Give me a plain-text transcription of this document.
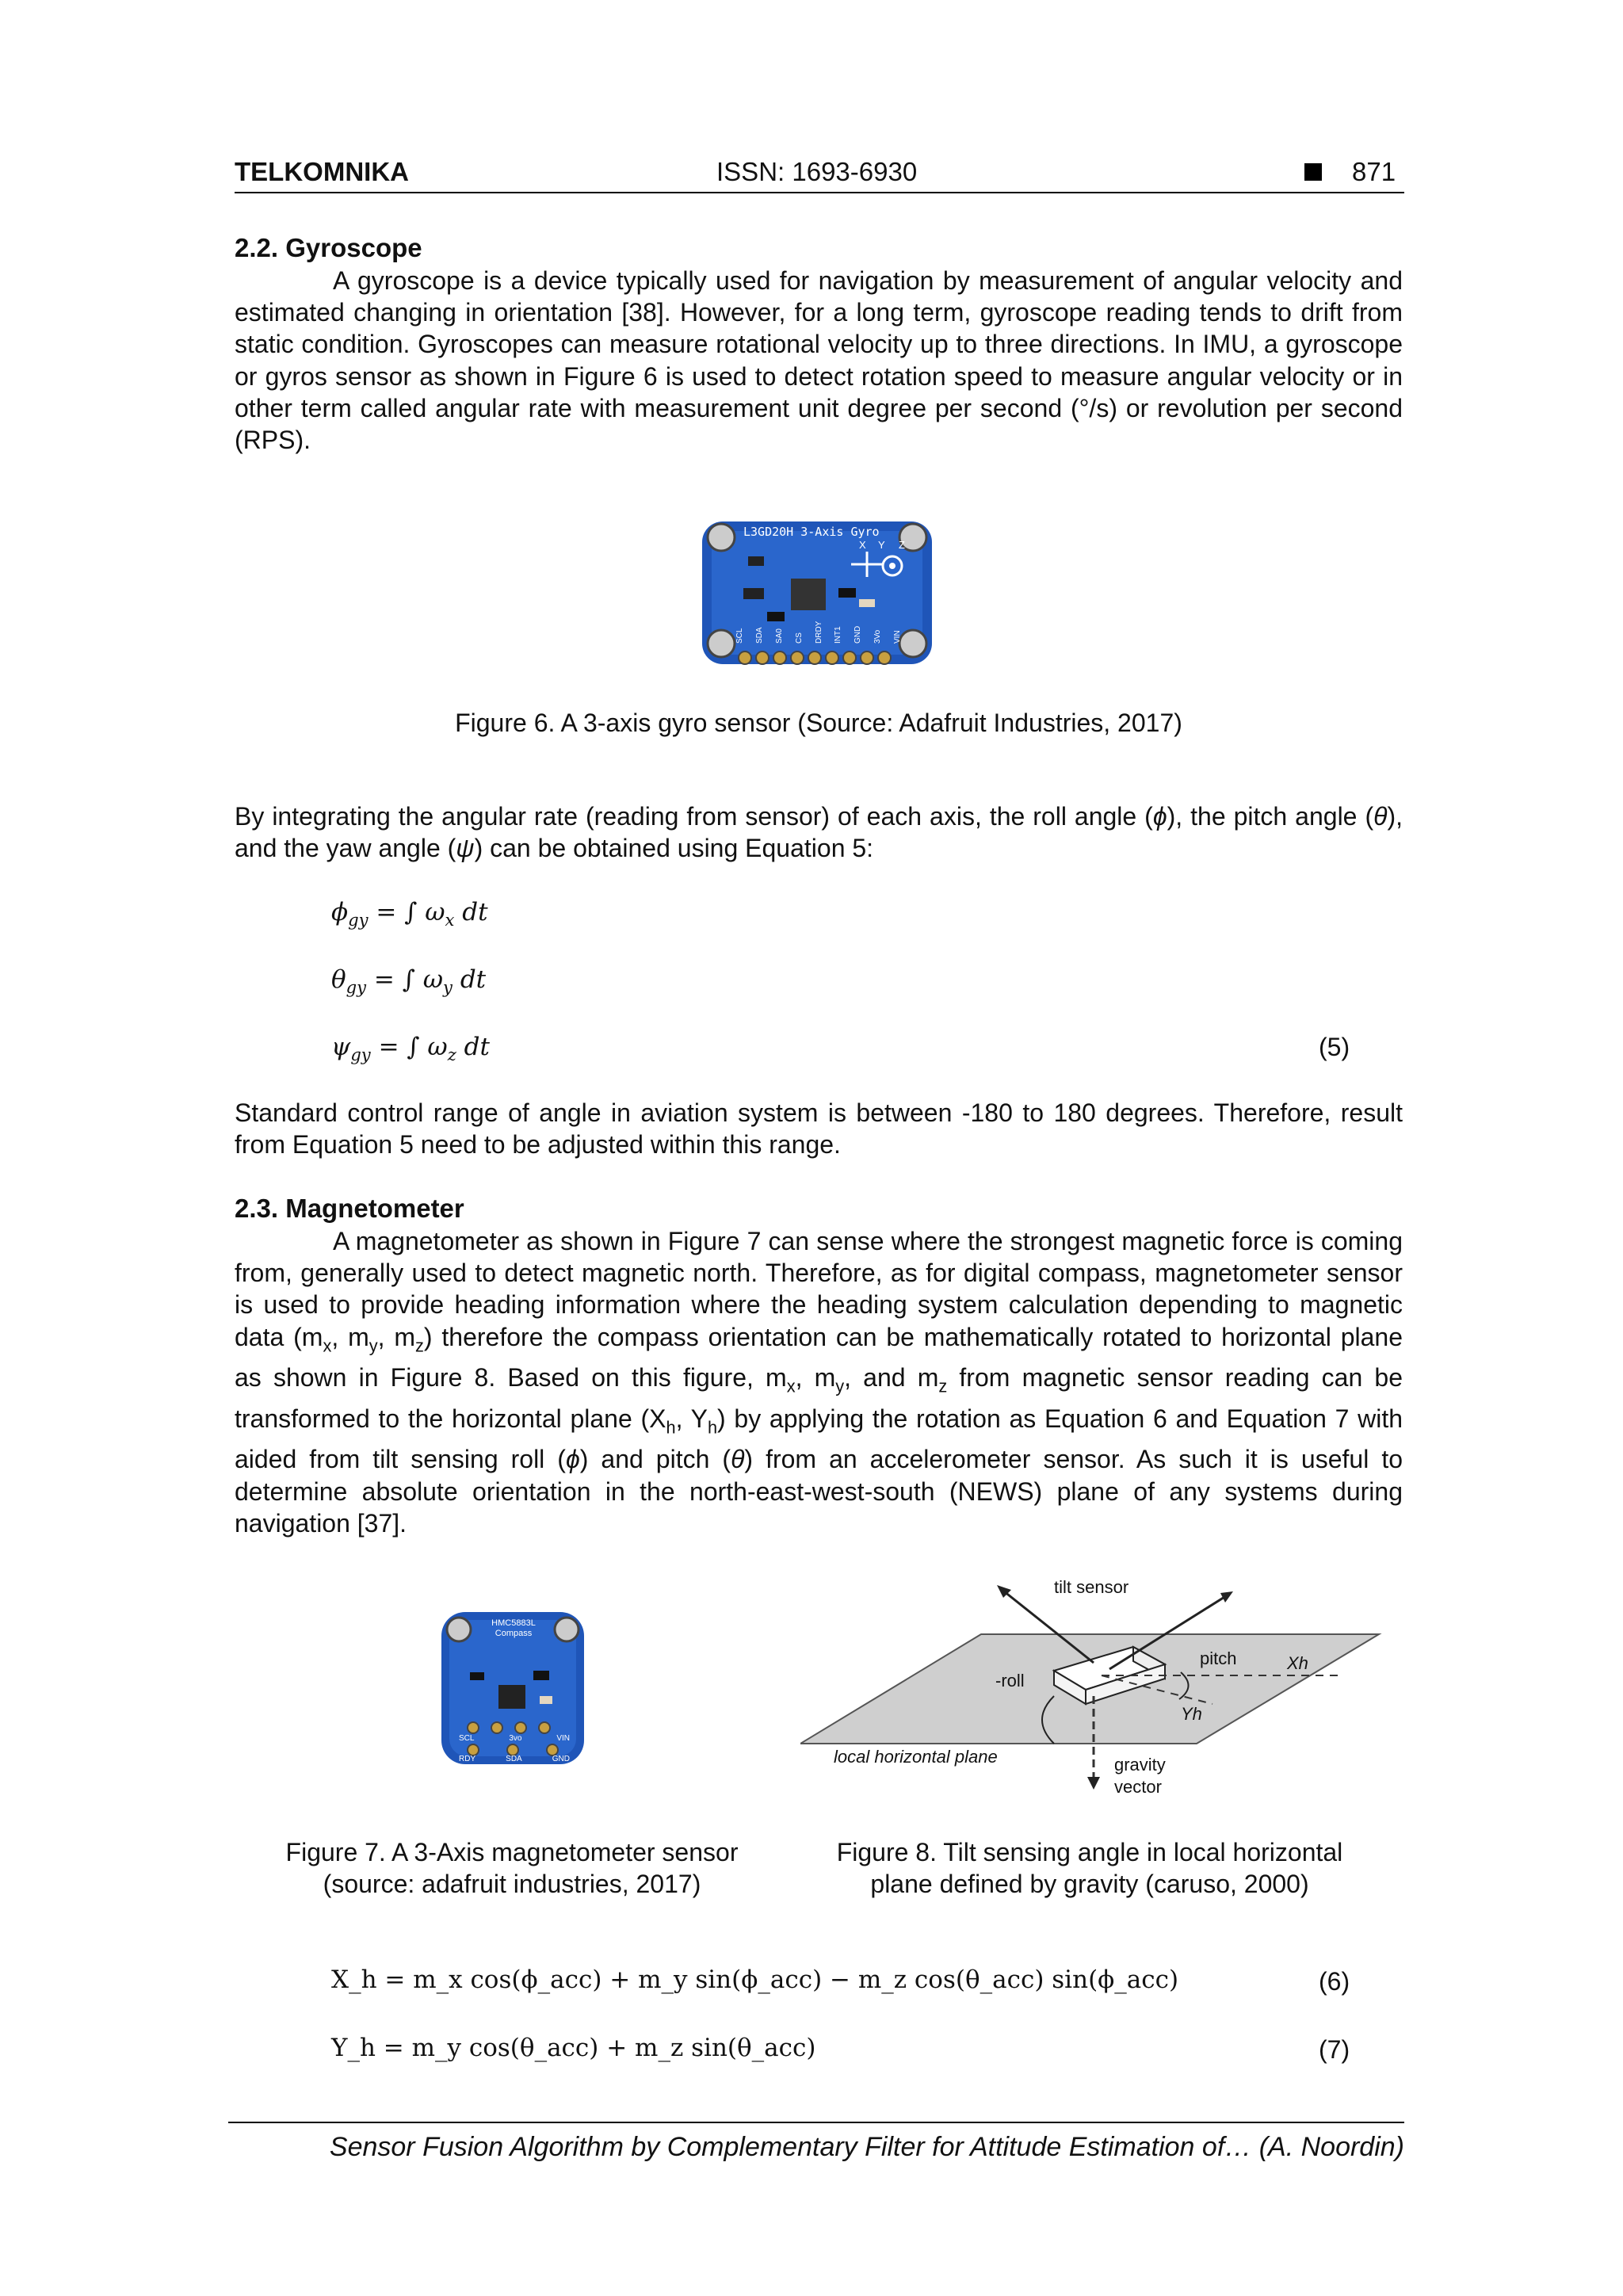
TELKOMNIKA	ISSN: 1693-6930	871
2.2. Gyroscope
A gyroscope is a device typically used for navigation by measurement of angular velocity and estimated changing in orientation [38]. However, for a long term, gyroscope reading tends to drift from static condition. Gyroscopes can measure rotational velocity up to three directions. In IMU, a gyroscope or gyros sensor as shown in Figure 6 is used to detect rotation speed to measure angular velocity or in other term called angular rate with measurement unit degree per second (°/s) or revolution per second (RPS).
L3GD20H 3-Axis Gyro
X Y Z
SCL SDA SA0 CS DRDY INT1 GND 3Vo VIN
Figure 6. A 3-axis gyro sensor (Source: Adafruit Industries, 2017)
By integrating the angular rate (reading from sensor) of each axis, the roll angle (ϕ), the pitch angle (θ), and the yaw angle (ψ) can be obtained using Equation 5:
$\phi_{gy}$ = ∫ $\omega_x$ dt
$\theta_{gy}$ = ∫ $\omega_y$ dt
$\psi_{gy}$ = ∫ $\omega_z$ dt	(5)
Standard control range of angle in aviation system is between -180 to 180 degrees. Therefore, result from Equation 5 need to be adjusted within this range.
2.3. Magnetometer
A magnetometer as shown in Figure 7 can sense where the strongest magnetic force is coming from, generally used to detect magnetic north. Therefore, as for digital compass, magnetometer sensor is used to provide heading information where the heading system calculation depending to magnetic data ($m_x$, $m_y$, $m_z$) therefore the compass orientation can be mathematically rotated to horizontal plane as shown in Figure 8. Based on this figure, $m_x$, $m_y$, and $m_z$ from magnetic sensor reading can be transformed to the horizontal plane ($X_h$, $Y_h$) by applying the rotation as Equation 6 and Equation 7 with aided from tilt sensing roll (ϕ) and pitch (θ) from an accelerometer sensor. As such it is useful to determine absolute orientation in the north-east-west-south (NEWS) plane of any systems during navigation [37].
HMC5883L Compass
SCL	3vo	VIN
RDY	SDA	GND
Figure 7. A 3-Axis magnetometer sensor
(source: adafruit industries, 2017)
tilt sensor
-roll
pitch	Xh
Yh
local horizontal plane	gravity
vector
Figure 8. Tilt sensing angle in local horizontal
plane defined by gravity (caruso, 2000)
X_h = m_x cos(ϕ_acc) + m_y sin(ϕ_acc) − m_z cos(θ_acc) sin(ϕ_acc)	(6)
Y_h = m_y cos(θ_acc) + m_z sin(θ_acc)	(7)
Sensor Fusion Algorithm by Complementary Filter for Attitude Estimation of… (A. Noordin)
